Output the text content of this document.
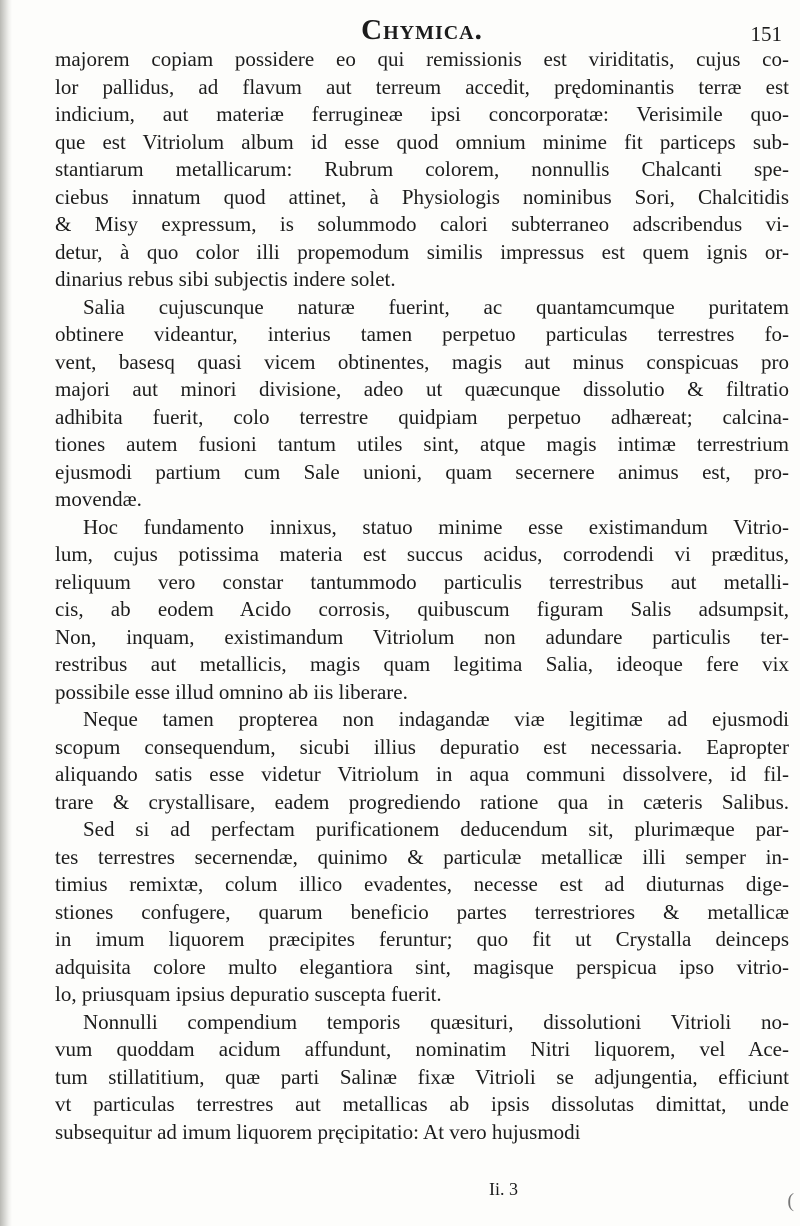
Chymica.	151
majorem copiam possidere eo qui remissionis est viriditatis, cujus co-
lor pallidus, ad flavum aut terreum accedit, prędominantis terræ est
indicium, aut materiæ ferrugineæ ipsi concorporatæ: Verisimile quo-
que est Vitriolum album id esse quod omnium minime fit particeps sub-
stantiarum metallicarum: Rubrum colorem, nonnullis Chalcanti spe-
ciebus innatum quod attinet, à Physiologis nominibus Sori, Chalcitidis
& Misy expressum, is solummodo calori subterraneo adscribendus vi-
detur, à quo color illi propemodum similis impressus est quem ignis or-
dinarius rebus sibi subjectis indere solet.
Salia cujuscunque naturæ fuerint, ac quantamcumque puritatem
obtinere videantur, interius tamen perpetuo particulas terrestres fo-
vent, basesq quasi vicem obtinentes, magis aut minus conspicuas pro
majori aut minori divisione, adeo ut quæcunque dissolutio & filtratio
adhibita fuerit, colo terrestre quidpiam perpetuo adhæreat; calcina-
tiones autem fusioni tantum utiles sint, atque magis intimæ terrestrium
ejusmodi partium cum Sale unioni, quam secernere animus est, pro-
movendæ.
Hoc fundamento innixus, statuo minime esse existimandum Vitrio-
lum, cujus potissima materia est succus acidus, corrodendi vi præditus,
reliquum vero constar tantummodo particulis terrestribus aut metalli-
cis, ab eodem Acido corrosis, quibuscum figuram Salis adsumpsit,
Non, inquam, existimandum Vitriolum non adundare particulis ter-
restribus aut metallicis, magis quam legitima Salia, ideoque fere vix
possibile esse illud omnino ab iis liberare.
Neque tamen propterea non indagandæ viæ legitimæ ad ejusmodi
scopum consequendum, sicubi illius depuratio est necessaria. Eapropter
aliquando satis esse videtur Vitriolum in aqua communi dissolvere, id fil-
trare & crystallisare, eadem progrediendo ratione qua in cæteris Salibus.
Sed si ad perfectam purificationem deducendum sit, plurimæque par-
tes terrestres secernendæ, quinimo & particulæ metallicæ illi semper in-
timius remixtæ, colum illico evadentes, necesse est ad diuturnas dige-
stiones confugere, quarum beneficio partes terrestriores & metallicæ
in imum liquorem præcipites feruntur; quo fit ut Crystalla deinceps
adquisita colore multo elegantiora sint, magisque perspicua ipso vitrio-
lo, priusquam ipsius depuratio susceptа fuerit.
Nonnulli compendium temporis quæsituri, dissolutioni Vitrioli no-
vum quoddam acidum affundunt, nominatim Nitri liquorem, vel Ace-
tum stillatitium, quæ parti Salinæ fixæ Vitrioli se adjungentia, efficiunt
vt particulas terrestres aut metallicas ab ipsis dissolutas dimittat, unde
subsequitur ad imum liquorem pręcipitatio: At vero hujusmodi
Ii. 3
(
